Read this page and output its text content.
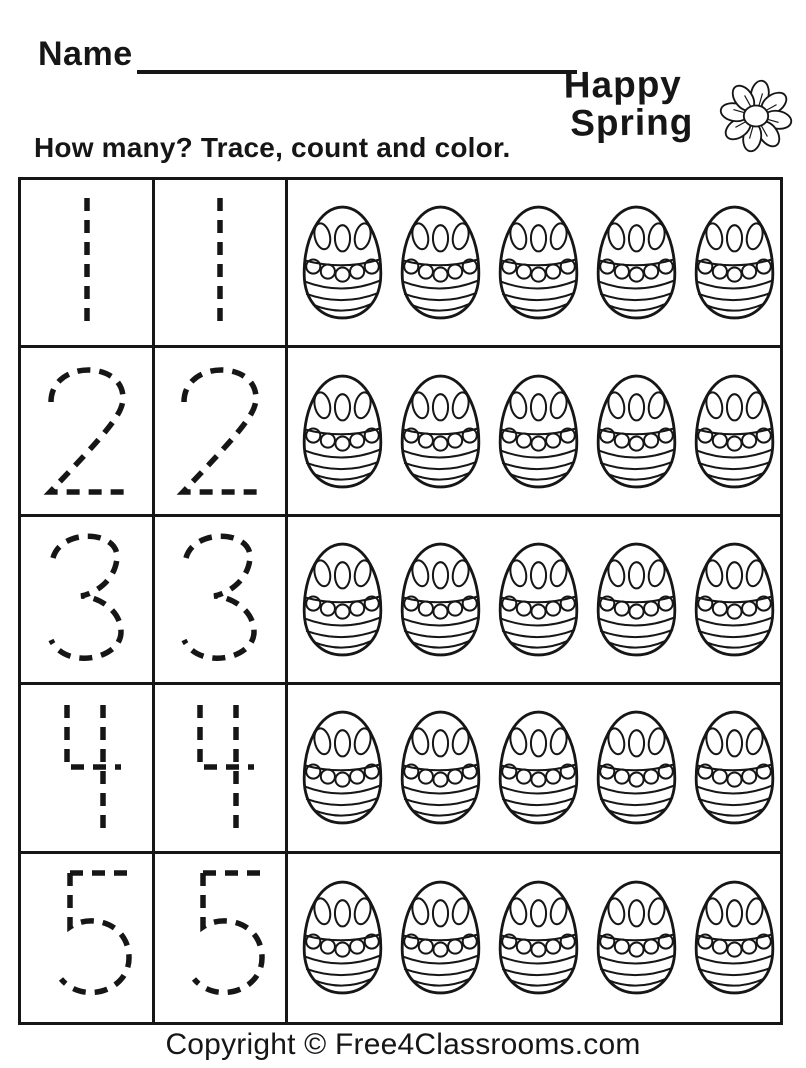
Name
Happy
Spring
How many? Trace, count and color.
Copyright © Free4Classrooms.com
